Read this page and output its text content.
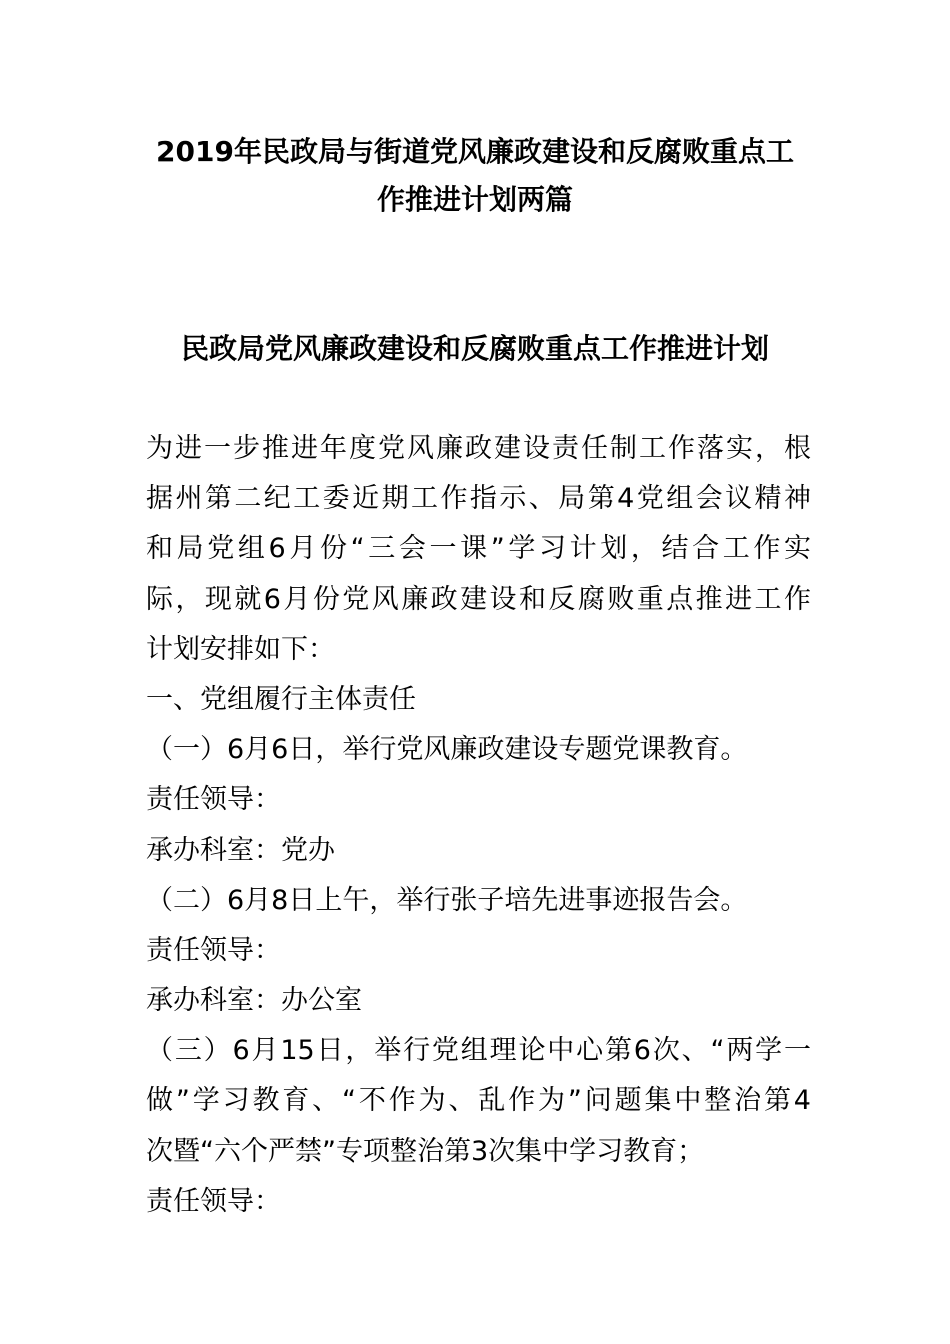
2019年民政局与街道党风廉政建设和反腐败重点工
作推进计划两篇
民政局党风廉政建设和反腐败重点工作推进计划
为进一步推进年度党风廉政建设责任制工作落实，根
据州第二纪工委近期工作指示、局第4党组会议精神
和局党组6月份“三会一课”学习计划，结合工作实
际，现就6月份党风廉政建设和反腐败重点推进工作
计划安排如下：
一、党组履行主体责任
（一）6月6日，举行党风廉政建设专题党课教育。
责任领导：
承办科室：党办
（二）6月8日上午，举行张子培先进事迹报告会。
责任领导：
承办科室：办公室
（三）6月15日，举行党组理论中心第6次、“两学一
做”学习教育、“不作为、乱作为”问题集中整治第4
次暨“六个严禁”专项整治第3次集中学习教育；
责任领导：
